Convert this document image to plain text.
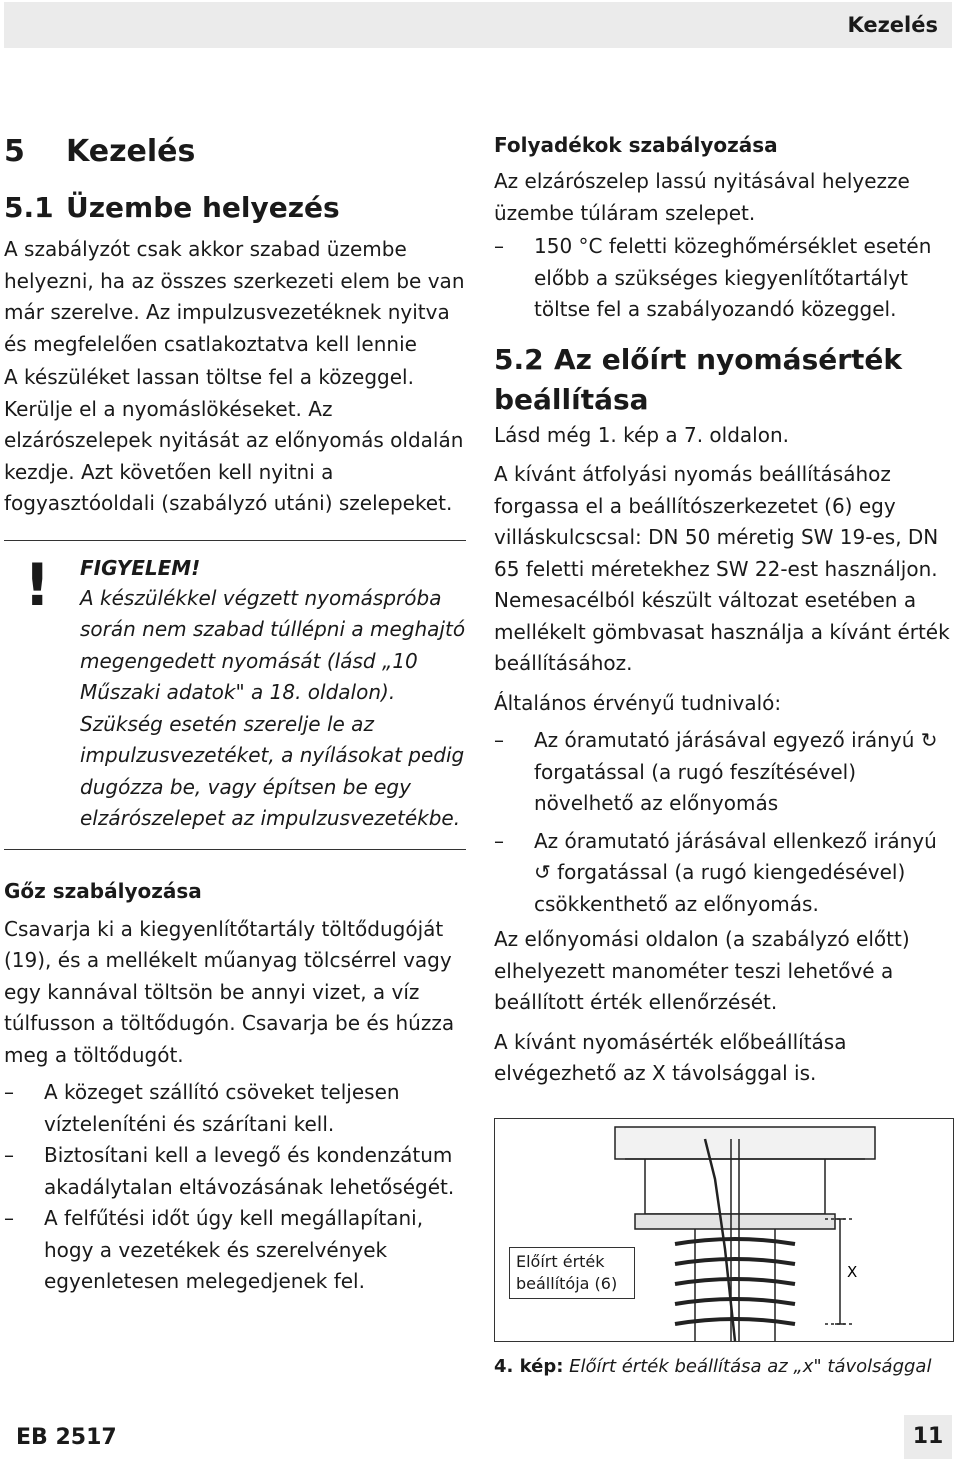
Kezelés
5 Kezelés
5.1 Üzembe helyezés

A szabályzót csak akkor szabad üzembe helyezni, ha az összes szerkezeti elem be van már szerelve. Az impulzusvezetéknek nyitva és megfelelően csatlakoztatva kell lennie

A készüléket lassan töltse fel a közeggel. Kerülje el a nyomáslökéseket. Az elzárószelepek nyitását az előnyomás oldalán kezdje. Azt követően kell nyitni a fogyasztóoldali (szabályzó utáni) szelepeket.

! FIGYELEM!
A készülékkel végzett nyomáspróba során nem szabad túllépni a meghajtó megengedett nyomását (lásd „10 Műszaki adatok" a 18. oldalon). Szükség esetén szerelje le az impulzusvezetéket, a nyílásokat pedig dugózza be, vagy építsen be egy elzárószelepet az impulzusvezetékbe.
Gőz szabályozása

Csavarja ki a kiegyenlítőtartály töltődugóját (19), és a mellékelt műanyag tölcsérrel vagy egy kannával töltsön be annyi vizet, a víz túlfusson a töltődugón. Csavarja be és húzza meg a töltődugót.

– A közeget szállító csöveket teljesen vízteleníténi és szárítani kell.
– Biztosítani kell a levegő és kondenzátum akadálytalan eltávozásának lehetőségét.
– A felfűtési időt úgy kell megállapítani, hogy a vezetékek és szerelvények egyenletesen melegedjenek fel.
Folyadékok szabályozása

Az elzárószelep lassú nyitásával helyezze üzembe túláram szelepet.

– 150 °C feletti közeghőmérséklet esetén előbb a szükséges kiegyenlítőtartályt töltse fel a szabályozandó közeggel.
5.2 Az előírt nyomásérték beállítása

Lásd még 1. kép a 7. oldalon.

A kívánt átfolyási nyomás beállításához forgassa el a beállítószerkezetet (6) egy villáskulcscsal: DN 50 méretig SW 19-es, DN 65 feletti méretekhez SW 22-est használjon. Nemesacélból készült változat esetében a mellékelt gömbvasat használja a kívánt érték beállításához.

Általános érvényű tudnivaló:

– Az óramutató járásával egyező irányú ↻ forgatással (a rugó feszítésével) növelhető az előnyomás
– Az óramutató járásával ellenkező irányú ↺ forgatással (a rugó kiengedésével) csökkenthető az előnyomás.

Az előnyomási oldalon (a szabályzó előtt) elhelyezett manométer teszi lehetővé a beállított érték ellenőrzését.

A kívánt nyomásérték előbeállítása elvégezhető az X távolsággal is.

X
Előírt érték beállítója (6)
4. kép: Előírt érték beállítása az „x" távolsággal
EB 2517	11
